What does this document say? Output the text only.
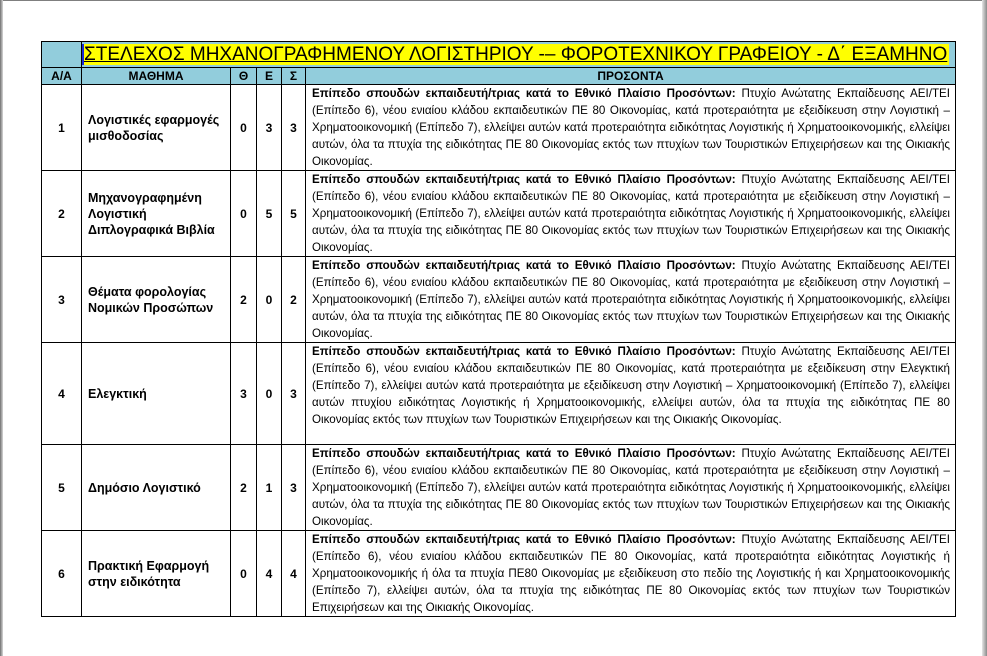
	ΣΤΕΛΕΧΟΣ ΜΗΧΑΝΟΓΡΑΦΗΜΕΝΟΥ ΛΟΓΙΣΤΗΡΙΟΥ -– ΦΟΡΟΤΕΧΝΙΚΟΥ ΓΡΑΦΕΙΟΥ - Δ΄ ΕΞΑΜΗΝΟ				
Α/Α	ΜΑΘΗΜΑ	Θ	Ε	Σ	ΠΡΟΣΟΝΤΑ
1	Λογιστικές εφαρμογές μισθοδοσίας	0	3	3	Επίπεδο σπουδών εκπαιδευτή/τριας κατά το Εθνικό Πλαίσιο Προσόντων: Πτυχίο Ανώτατης Εκπαίδευσης ΑΕΙ/ΤΕΙ (Επίπεδο 6), νέου ενιαίου κλάδου εκπαιδευτικών ΠΕ 80 Οικονομίας, κατά προτεραιότητα με εξειδίκευση στην Λογιστική – Χρηματοοικονομική (Επίπεδο 7), ελλείψει αυτών κατά προτεραιότητα ειδικότητας Λογιστικής ή Χρηματοοικονομικής, ελλείψει αυτών, όλα τα πτυχία της ειδικότητας ΠΕ 80 Οικονομίας εκτός των πτυχίων των Τουριστικών Επιχειρήσεων και της Οικιακής Οικονομίας.
2	Μηχανογραφημένη Λογιστική Διπλογραφικά Βιβλία	0	5	5	Επίπεδο σπουδών εκπαιδευτή/τριας κατά το Εθνικό Πλαίσιο Προσόντων: Πτυχίο Ανώτατης Εκπαίδευσης ΑΕΙ/ΤΕΙ (Επίπεδο 6), νέου ενιαίου κλάδου εκπαιδευτικών ΠΕ 80 Οικονομίας, κατά προτεραιότητα με εξειδίκευση στην Λογιστική – Χρηματοοικονομική (Επίπεδο 7), ελλείψει αυτών κατά προτεραιότητα ειδικότητας Λογιστικής ή Χρηματοοικονομικής, ελλείψει αυτών, όλα τα πτυχία της ειδικότητας ΠΕ 80 Οικονομίας εκτός των πτυχίων των Τουριστικών Επιχειρήσεων και της Οικιακής Οικονομίας.
3	Θέματα φορολογίας Νομικών Προσώπων	2	0	2	Επίπεδο σπουδών εκπαιδευτή/τριας κατά το Εθνικό Πλαίσιο Προσόντων: Πτυχίο Ανώτατης Εκπαίδευσης ΑΕΙ/ΤΕΙ (Επίπεδο 6), νέου ενιαίου κλάδου εκπαιδευτικών ΠΕ 80 Οικονομίας, κατά προτεραιότητα με εξειδίκευση στην Λογιστική – Χρηματοοικονομική (Επίπεδο 7), ελλείψει αυτών κατά προτεραιότητα ειδικότητας Λογιστικής ή Χρηματοοικονομικής, ελλείψει αυτών, όλα τα πτυχία της ειδικότητας ΠΕ 80 Οικονομίας εκτός των πτυχίων των Τουριστικών Επιχειρήσεων και της Οικιακής Οικονομίας.
4	Ελεγκτική	3	0	3	Επίπεδο σπουδών εκπαιδευτή/τριας κατά το Εθνικό Πλαίσιο Προσόντων: Πτυχίο Ανώτατης Εκπαίδευσης ΑΕΙ/ΤΕΙ (Επίπεδο 6), νέου ενιαίου κλάδου εκπαιδευτικών ΠΕ 80 Οικονομίας, κατά προτεραιότητα με εξειδίκευση στην Ελεγκτική (Επίπεδο 7), ελλείψει αυτών κατά προτεραιότητα με εξειδίκευση στην Λογιστική – Χρηματοοικονομική (Επίπεδο 7), ελλείψει αυτών πτυχίου ειδικότητας Λογιστικής ή Χρηματοοικονομικής, ελλείψει αυτών, όλα τα πτυχία της ειδικότητας ΠΕ 80 Οικονομίας εκτός των πτυχίων των Τουριστικών Επιχειρήσεων και της Οικιακής Οικονομίας.
5	Δημόσιο Λογιστικό	2	1	3	Επίπεδο σπουδών εκπαιδευτή/τριας κατά το Εθνικό Πλαίσιο Προσόντων: Πτυχίο Ανώτατης Εκπαίδευσης ΑΕΙ/ΤΕΙ (Επίπεδο 6), νέου ενιαίου κλάδου εκπαιδευτικών ΠΕ 80 Οικονομίας, κατά προτεραιότητα με εξειδίκευση στην Λογιστική – Χρηματοοικονομική (Επίπεδο 7), ελλείψει αυτών κατά προτεραιότητα ειδικότητας Λογιστικής ή Χρηματοοικονομικής, ελλείψει αυτών, όλα τα πτυχία της ειδικότητας ΠΕ 80 Οικονομίας εκτός των πτυχίων των Τουριστικών Επιχειρήσεων και της Οικιακής Οικονομίας.
6	Πρακτική Εφαρμογή στην ειδικότητα	0	4	4	Επίπεδο σπουδών εκπαιδευτή/τριας κατά το Εθνικό Πλαίσιο Προσόντων: Πτυχίο Ανώτατης Εκπαίδευσης ΑΕΙ/ΤΕΙ (Επίπεδο 6), νέου ενιαίου κλάδου εκπαιδευτικών ΠΕ 80 Οικονομίας, κατά προτεραιότητα ειδικότητας Λογιστικής ή Χρηματοοικονομικής ή όλα τα πτυχία ΠΕ80 Οικονομίας με εξειδίκευση στο πεδίο της Λογιστικής ή και Χρηματοοικονομικής (Επίπεδο 7), ελλείψει αυτών, όλα τα πτυχία της ειδικότητας ΠΕ 80 Οικονομίας εκτός των πτυχίων των Τουριστικών Επιχειρήσεων και της Οικιακής Οικονομίας.
